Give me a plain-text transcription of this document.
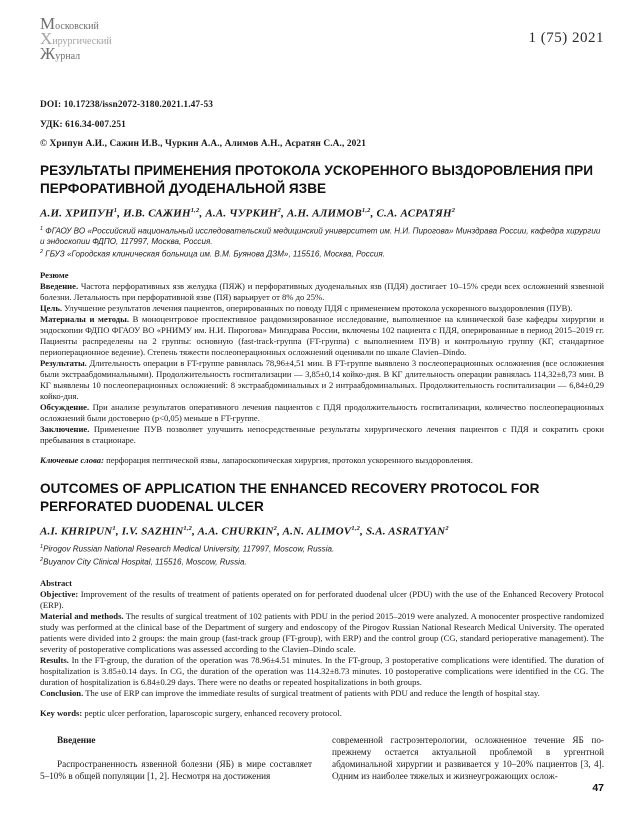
Московский
Хирургический
Журнал
1 (75) 2021
DOI: 10.17238/issn2072-3180.2021.1.47-53
УДК: 616.34-007.251
© Хрипун А.И., Сажин И.В., Чуркин А.А., Алимов А.Н., Асратян С.А., 2021
РЕЗУЛЬТАТЫ ПРИМЕНЕНИЯ ПРОТОКОЛА УСКОРЕННОГО ВЫЗДОРОВЛЕНИЯ ПРИ ПЕРФОРАТИВНОЙ ДУОДЕНАЛЬНОЙ ЯЗВЕ
А.И. ХРИПУН$^1$, И.В. САЖИН$^{1,2}$, А.А. ЧУРКИН$^2$, А.Н. АЛИМОВ$^{1,2}$, С.А. АСРАТЯН$^2$
$^1$ ФГАОУ ВО «Российский национальный исследовательский медицинский университет им. Н.И. Пирогова» Минздрава России, кафедра хирургии и эндоскопии ФДПО, 117997, Москва, Россия.
$^2$ ГБУЗ «Городская клиническая больница им. В.М. Буянова ДЗМ», 115516, Москва, Россия.
Резюме
Введение. Частота перфоративных язв желудка (ПЯЖ) и перфоративных дуоденальных язв (ПДЯ) достигает 10–15% среди всех осложнений язвенной болезни. Летальность при перфоративной язве (ПЯ) варьирует от 8% до 25%.
Цель. Улучшение результатов лечения пациентов, оперированных по поводу ПДЯ с применением протокола ускоренного выздоровления (ПУВ).
Материалы и методы. В моноцентровое проспективное рандомизированное исследование, выполненное на клинической базе кафедры хирургии и эндоскопии ФДПО ФГАОУ ВО «РНИМУ им. Н.И. Пирогова» Минздрава России, включены 102 пациента с ПДЯ, оперированные в период 2015–2019 гг. Пациенты распределены на 2 группы: основную (fast-track-группа (FT-группа) с выполнением ПУВ) и контрольную группу (КГ, стандартное периоперационное ведение). Степень тяжести послеоперационных осложнений оценивали по шкале Clavien–Dindo.
Результаты. Длительность операции в FT-группе равнялась 78,96±4,51 мин. В FT-группе выявлено 3 послеоперационных осложнения (все осложнения были экстраабдоминальными). Продолжительность госпитализации — 3,85±0,14 койко-дня. В КГ длительность операции равнялась 114,32±8,73 мин. В КГ выявлены 10 послеоперационных осложнений: 8 экстраабдоминальных и 2 интраабдоминальных. Продолжительность госпитализации — 6,84±0,29 койко-дня.
Обсуждение. При анализе результатов оперативного лечения пациентов с ПДЯ продолжительность госпитализации, количество послеоперационных осложнений были достоверно (p<0,05) меньше в FT-группе.
Заключение. Применение ПУВ позволяет улучшить непосредственные результаты хирургического лечения пациентов с ПДЯ и сократить сроки пребывания в стационаре.

Ключевые слова: перфорация пептической язвы, лапароскопическая хирургия, протокол ускоренного выздоровления.

OUTCOMES OF APPLICATION THE ENHANCED RECOVERY PROTOCOL FOR PERFORATED DUODENAL ULCER
A.I. KHRIPUN$^1$, I.V. SAZHIN$^{1,2}$, A.A. CHURKIN$^2$, A.N. ALIMOV$^{1,2}$, S.A. ASRATYAN$^2$
$^1$Pirogov Russian National Research Medical University, 117997, Moscow, Russia.
$^2$Buyanov City Clinical Hospital, 115516, Moscow, Russia.
Abstract
Objective: Improvement of the results of treatment of patients operated on for perforated duodenal ulcer (PDU) with the use of the Enhanced Recovery Protocol (ERP).
Material and methods. The results of surgical treatment of 102 patients with PDU in the period 2015–2019 were analyzed. A monocenter prospective randomized study was performed at the clinical base of the Department of surgery and endoscopy of the Pirogov Russian National Research Medical University. The operated patients were divided into 2 groups: the main group (fast-track group (FT-group), with ERP) and the control group (CG, standard perioperative management). The severity of postoperative complications was assessed according to the Clavien–Dindo scale.
Results. In the FT-group, the duration of the operation was 78.96±4.51 minutes. In the FT-group, 3 postoperative complications were identified. The duration of hospitalization is 3.85±0.14 days. In CG, the duration of the operation was 114.32±8.73 minutes. 10 postoperative complications were identified in the CG. The duration of hospitalization is 6.84±0.29 days. There were no deaths or repeated hospitalizations in both groups.
Conclusion. The use of ERP can improve the immediate results of surgical treatment of patients with PDU and reduce the length of hospital stay.

Key words: peptic ulcer perforation, laparoscopic surgery, enhanced recovery protocol.

Введение

Распространенность язвенной болезни (ЯБ) в мире составляет 5–10% в общей популяции [1, 2]. Несмотря на достижения

современной гастроэнтерологии, осложненное течение ЯБ по-прежнему остается актуальной проблемой в ургентной абдоминальной хирургии и развивается у 10–20% пациентов [3, 4]. Одним из наиболее тяжелых и жизнеугрожающих ослож-

47
